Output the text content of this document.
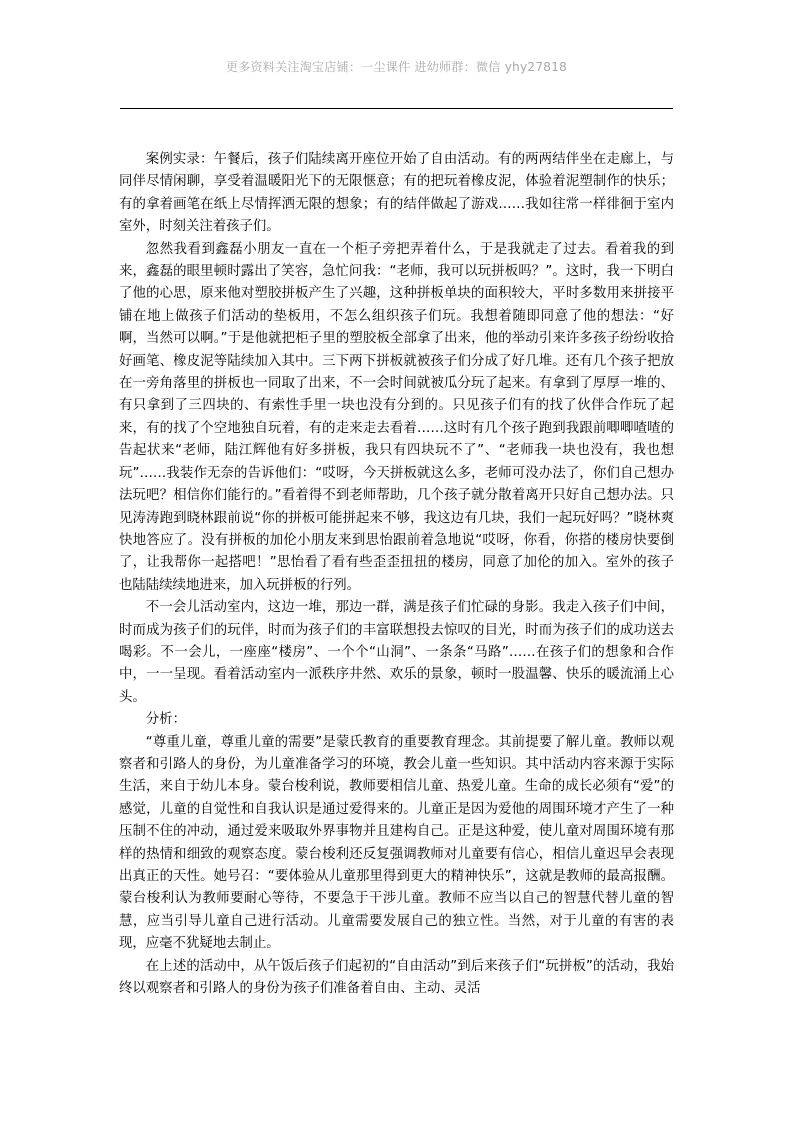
更多资料关注淘宝店铺：一尘课件 进幼师群：微信 yhy27818

案例实录：午餐后，孩子们陆续离开座位开始了自由活动。有的两两结伴坐在走廊上，与同伴尽情闲聊，享受着温暖阳光下的无限惬意；有的把玩着橡皮泥，体验着泥塑制作的快乐；有的拿着画笔在纸上尽情挥洒无限的想象；有的结伴做起了游戏……我如往常一样徘徊于室内室外，时刻关注着孩子们。

忽然我看到鑫磊小朋友一直在一个柜子旁把弄着什么，于是我就走了过去。看着我的到来，鑫磊的眼里顿时露出了笑容，急忙问我：“老师，我可以玩拼板吗？”。这时，我一下明白了他的心思，原来他对塑胶拼板产生了兴趣，这种拼板单块的面积较大，平时多数用来拼接平铺在地上做孩子们活动的垫板用，不怎么组织孩子们玩。我想着随即同意了他的想法：“好啊，当然可以啊。”于是他就把柜子里的塑胶板全部拿了出来，他的举动引来许多孩子纷纷收拾好画笔、橡皮泥等陆续加入其中。三下两下拼板就被孩子们分成了好几堆。还有几个孩子把放在一旁角落里的拼板也一同取了出来，不一会时间就被瓜分玩了起来。有拿到了厚厚一堆的、有只拿到了三四块的、有索性手里一块也没有分到的。只见孩子们有的找了伙伴合作玩了起来，有的找了个空地独自玩着，有的走来走去看着……这时有几个孩子跑到我跟前唧唧喳喳的告起状来“老师，陆江辉他有好多拼板，我只有四块玩不了”、“老师我一块也没有，我也想玩”……我装作无奈的告诉他们：“哎呀，今天拼板就这么多，老师可没办法了，你们自己想办法玩吧？相信你们能行的。”看着得不到老师帮助，几个孩子就分散着离开只好自己想办法。只见涛涛跑到晓林跟前说“你的拼板可能拼起来不够，我这边有几块，我们一起玩好吗？”晓林爽快地答应了。没有拼板的加伦小朋友来到思怡跟前着急地说“哎呀，你看，你搭的楼房快要倒了，让我帮你一起搭吧！”思怡看了看有些歪歪扭扭的楼房，同意了加伦的加入。室外的孩子也陆陆续续地进来，加入玩拼板的行列。

不一会儿活动室内，这边一堆，那边一群，满是孩子们忙碌的身影。我走入孩子们中间，时而成为孩子们的玩伴，时而为孩子们的丰富联想投去惊叹的目光，时而为孩子们的成功送去喝彩。不一会儿，一座座“楼房”、一个个“山洞”、一条条“马路”……在孩子们的想象和合作中，一一呈现。看着活动室内一派秩序井然、欢乐的景象，顿时一股温馨、快乐的暖流涌上心头。

分析：

“尊重儿童，尊重儿童的需要”是蒙氏教育的重要教育理念。其前提要了解儿童。教师以观察者和引路人的身份，为儿童准备学习的环境，教会儿童一些知识。其中活动内容来源于实际生活，来自于幼儿本身。蒙台梭利说，教师要相信儿童、热爱儿童。生命的成长必须有“爱”的感觉，儿童的自觉性和自我认识是通过爱得来的。儿童正是因为爱他的周围环境才产生了一种压制不住的冲动，通过爱来吸取外界事物并且建构自己。正是这种爱，使儿童对周围环境有那样的热情和细致的观察态度。蒙台梭利还反复强调教师对儿童要有信心，相信儿童迟早会表现出真正的天性。她号召：“要体验从儿童那里得到更大的精神快乐”，这就是教师的最高报酬。蒙台梭利认为教师要耐心等待，不要急于干涉儿童。教师不应当以自己的智慧代替儿童的智慧，应当引导儿童自己进行活动。儿童需要发展自己的独立性。当然，对于儿童的有害的表现，应毫不犹疑地去制止。

在上述的活动中，从午饭后孩子们起初的“自由活动”到后来孩子们“玩拼板”的活动，我始终以观察者和引路人的身份为孩子们准备着自由、主动、灵活
